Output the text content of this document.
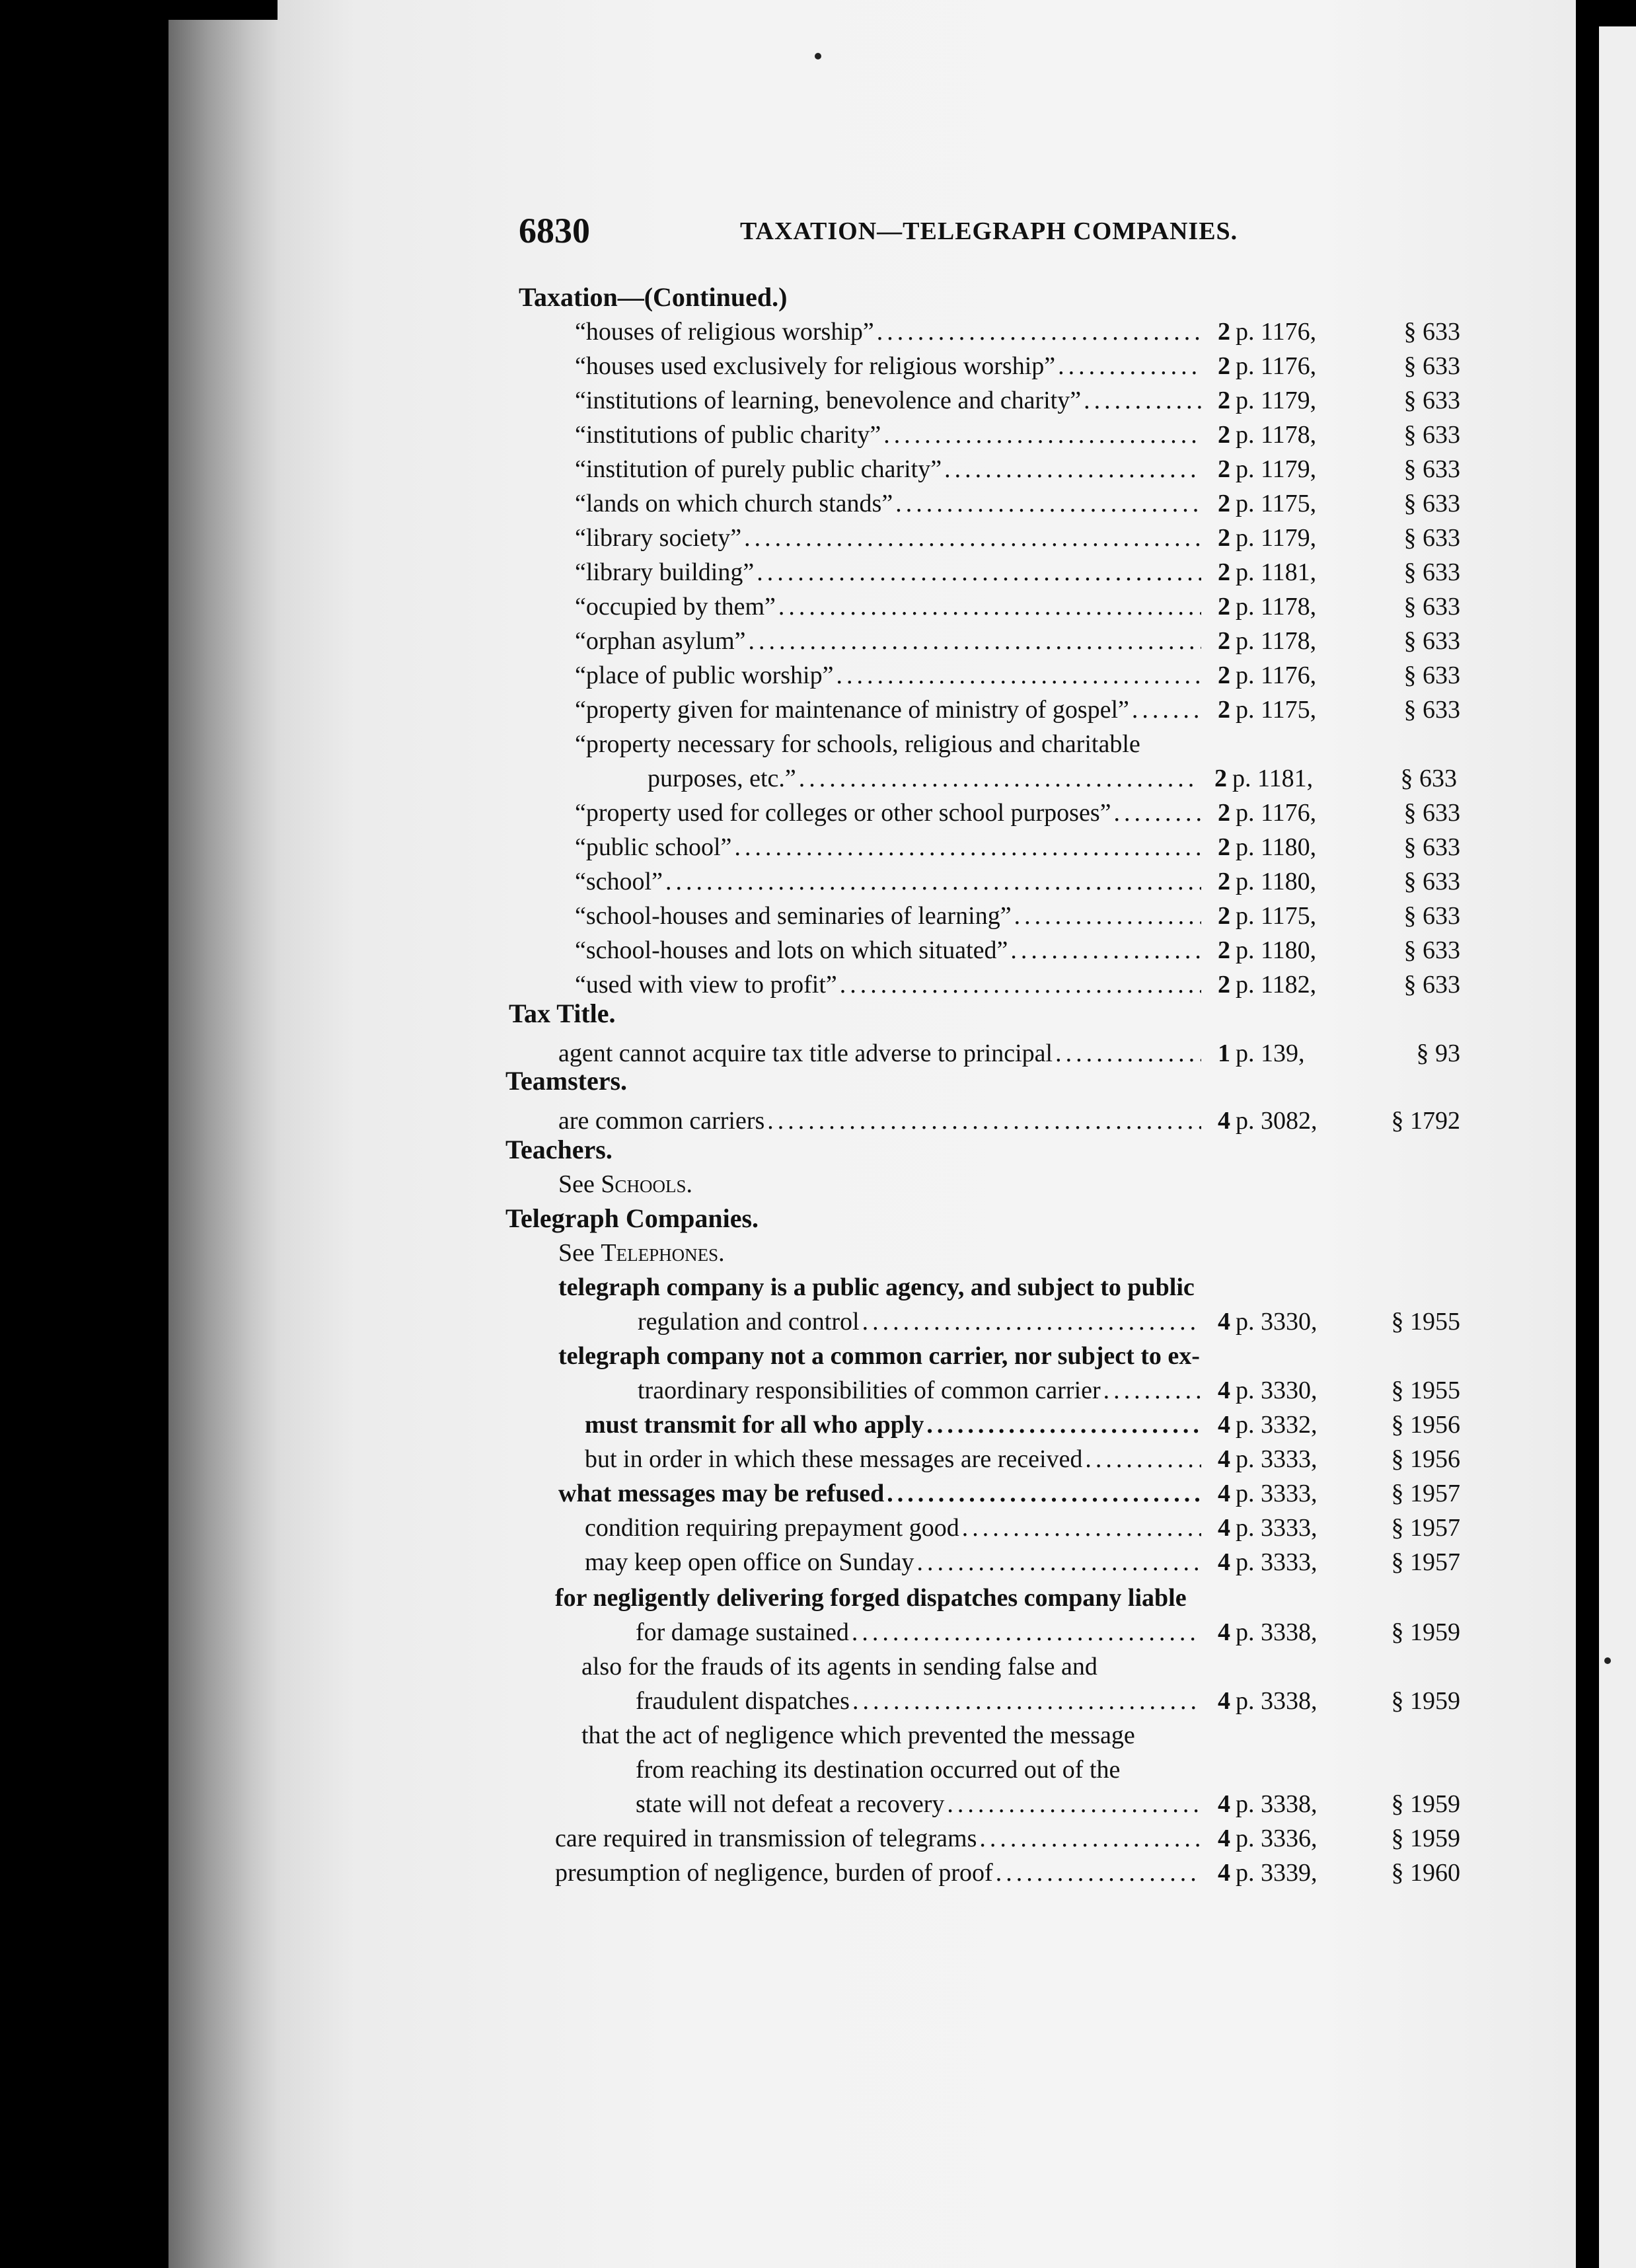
6830	TAXATION—TELEGRAPH COMPANIES.
Taxation—(Continued.)
“houses of religious worship” .....	2 p. 1176,	§ 633
“houses used exclusively for religious worship” .....	2 p. 1176,	§ 633
“institutions of learning, benevolence and charity” .....	2 p. 1179,	§ 633
“institutions of public charity” .....	2 p. 1178,	§ 633
“institution of purely public charity” .....	2 p. 1179,	§ 633
“lands on which church stands” .....	2 p. 1175,	§ 633
“library society” .....	2 p. 1179,	§ 633
“library building” .....	2 p. 1181,	§ 633
“occupied by them” .....	2 p. 1178,	§ 633
“orphan asylum” .....	2 p. 1178,	§ 633
“place of public worship” .....	2 p. 1176,	§ 633
“property given for maintenance of ministry of gospel” .....	2 p. 1175,	§ 633
“property necessary for schools, religious and charitable
purposes, etc.” .....	2 p. 1181,	§ 633
“property used for colleges or other school purposes” .....	2 p. 1176,	§ 633
“public school” .....	2 p. 1180,	§ 633
“school” .....	2 p. 1180,	§ 633
“school-houses and seminaries of learning” .....	2 p. 1175,	§ 633
“school-houses and lots on which situated” .....	2 p. 1180,	§ 633
“used with view to profit” .....	2 p. 1182,	§ 633
Tax Title.
agent cannot acquire tax title adverse to principal .....	1 p. 139,	§ 93
Teamsters.
are common carriers .....	4 p. 3082,	§ 1792
Teachers.
See
Schools.
Telegraph Companies.
See
Telephones.
telegraph company is a public agency, and subject to public
regulation and control .....	4 p. 3330,	§ 1955
telegraph company not a common carrier, nor subject to ex-
traordinary responsibilities of common carrier .....	4 p. 3330,	§ 1955
must transmit for all who apply .....	4 p. 3332,	§ 1956
but in order in which these messages are received .....	4 p. 3333,	§ 1956
what messages may be refused .....	4 p. 3333,	§ 1957
condition requiring prepayment good .....	4 p. 3333,	§ 1957
may keep open office on Sunday .....	4 p. 3333,	§ 1957
for negligently delivering forged dispatches company liable
for damage sustained .....	4 p. 3338,	§ 1959
also for the frauds of its agents in sending false and
fraudulent dispatches .....	4 p. 3338,	§ 1959
that the act of negligence which prevented the message
from reaching its destination occurred out of the
state will not defeat a recovery .....	4 p. 3338,	§ 1959
care required in transmission of telegrams .....	4 p. 3336,	§ 1959
presumption of negligence, burden of proof .....	4 p. 3339,	§ 1960
